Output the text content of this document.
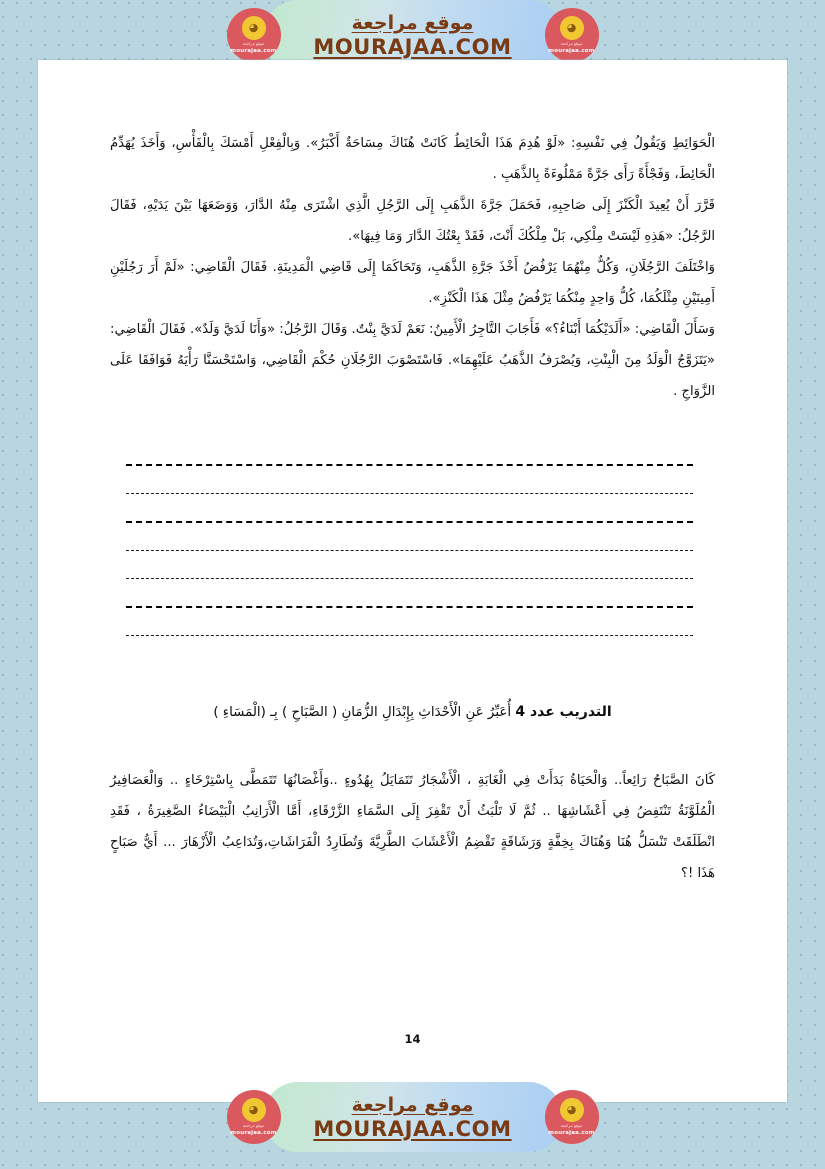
◕
موقع مراجعة
mourajaa.com
موقع مراجعة
MOURAJAA.COM
◕
موقع مراجعة
mourajaa.com

الْحَوَائِطِ وَيَقُولُ فِي نَفْسِهِ: «لَوْ هُدِمَ هَذَا الْحَائِطُ كَانَتْ هُنَاكَ مِسَاحَةٌ أَكْبَرُ». وَبِالْفِعْلِ أَمْسَكَ بِالْفَأْسِ، وَأَخَذَ يُهَدِّمُ الْحَائِطَ، وَفَجْأَةً رَأَى جَرَّةً مَمْلُوءَةً بِالذَّهَبِ .

قَرَّرَ أَنْ يُعِيدَ الْكَنْزَ إِلَى صَاحِبِهِ، فَحَمَلَ جَرَّةَ الذَّهَبِ إِلَى الرَّجُلِ الَّذِي اشْتَرَى مِنْهُ الدَّارَ، وَوَضَعَهَا بَيْنَ يَدَيْهِ، فَقَالَ الرَّجُلُ: «هَذِهِ لَيْسَتْ مِلْكِي، بَلْ مِلْكُكَ أَنْتَ، فَقَدْ بِعْتُكَ الدَّارَ وَمَا فِيهَا».

وَاخْتَلَفَ الرَّجُلَانِ، وَكُلٌّ مِنْهُمَا يَرْفُضُ أَخْذَ جَرَّةِ الذَّهَبِ، وَتَحَاكَمَا إِلَى قَاضِي الْمَدِينَةِ. فَقَالَ الْقَاضِي: «لَمْ أَرَ رَجُلَيْنِ أَمِينَيْنِ مِثْلَكُمَا، كُلُّ وَاحِدٍ مِنْكُمَا يَرْفُضُ مِثْلَ هَذَا الْكَنْزِ».

وَسَأَلَ الْقَاضِي: «أَلَدَيْكُمَا أَبْنَاءُ؟» فَأَجَابَ التَّاجِرُ الْأَمِينُ: نَعَمْ لَدَيَّ بِنْتٌ. وَقَالَ الرَّجُلُ: «وَأَنَا لَدَيَّ وَلَدٌ». فَقَالَ الْقَاضِي: «يَتَزَوَّجُ الْوَلَدُ مِنَ الْبِنْتِ، وَيُصْرَفُ الذَّهَبُ عَلَيْهِمَا». فَاسْتَصْوَبَ الرَّجُلَانِ حُكْمَ الْقَاضِي، وَاسْتَحْسَنَّا رَأْيَهُ فَوَافَقَا عَلَى الزَّوَاجِ .

التدريب عدد 4 أُعَبِّرُ عَنِ الْأَحْدَاثِ بِإِبْدَالِ الزُّمَانِ ( الصَّبَاحِ ) بِـ (الْمَسَاءِ )

كَانَ الصَّبَاحُ رَائِعاً.. وَالْحَيَاةُ بَدَأَتْ فِي الْغَابَةِ ، الْأَشْجَارُ تَتَمَايَلُ بِهُدُوءٍ ..وَأَغْصَانُهَا تَتَمَطَّى بِاسْتِرْخَاءٍ .. وَالْعَصَافِيرُ الْمُلَوَّنَةُ تَنْتَفِضُ فِي أَعْشَاشِهَا .. ثُمَّ لَا تَلْبَثُ أَنْ تَقْفِزَ إِلَى السَّمَاءِ الزَّرْقَاءِ، أَمَّا الْأَرَانِبُ الْبَيْضَاءُ الصَّغِيرَةُ ، فَقَدِ انْطَلَقَتْ تَنْسَلُّ هُنَا وَهُنَاكَ بِخِفَّةٍ وَرَشَاقَةٍ تَقْضِمُ الْأَعْشَابَ الطَّرِيَّةَ وَتُطَارِدُ الْفَرَاشَاتِ،وَتُدَاعِبُ الْأَزْهَارَ ... أَيُّ صَبَاحٍ هَذَا !؟

14
◕
موقع مراجعة
mourajaa.com
موقع مراجعة
MOURAJAA.COM
◕
موقع مراجعة
mourajaa.com
